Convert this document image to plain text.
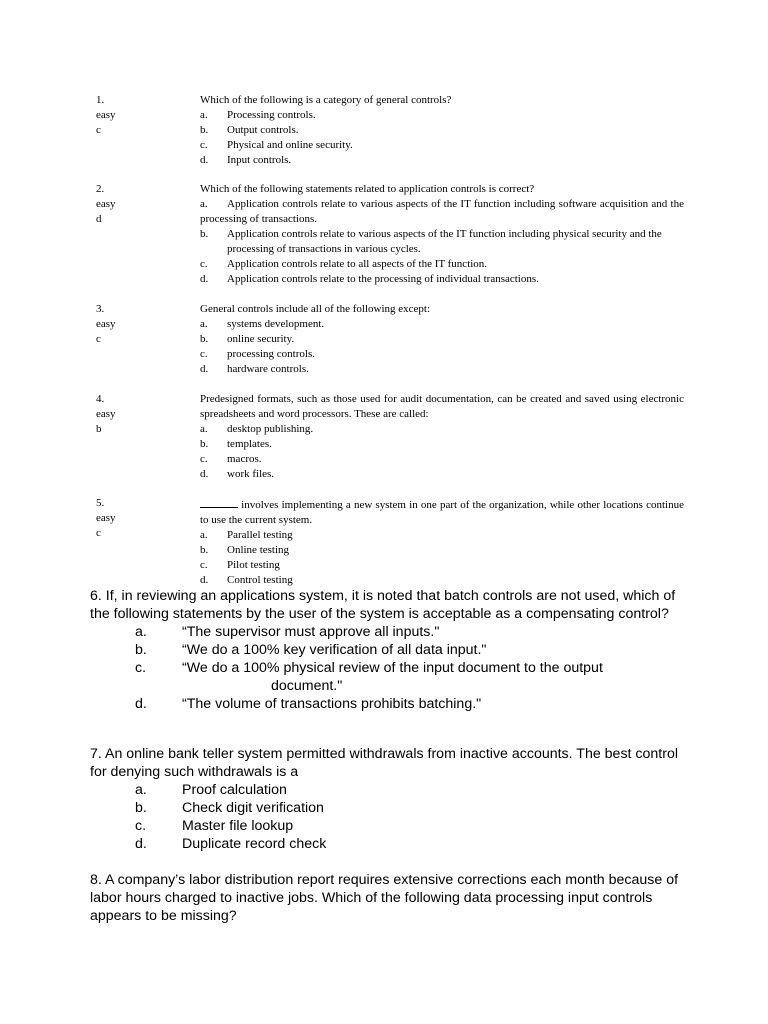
1.
easy
c
Which of the following is a category of general controls?
a.	Processing controls.
b.	Output controls.
c.	Physical and online security.
d.	Input controls.
2.
easy
d
Which of the following statements related to application controls is correct?
a. Application controls relate to various aspects of the IT function including software acquisition and the processing of transactions.
b.	Application controls relate to various aspects of the IT function including physical security and the processing of transactions in various cycles.
c.	Application controls relate to all aspects of the IT function.
d.	Application controls relate to the processing of individual transactions.
3.
easy
c
General controls include all of the following except:
a.	systems development.
b.	online security.
c.	processing controls.
d.	hardware controls.
4.
easy
b
Predesigned formats, such as those used for audit documentation, can be created and saved using electronic spreadsheets and word processors. These are called:
a.	desktop publishing.
b.	templates.
c.	macros.
d.	work files.
5.
easy
c
involves implementing a new system in one part of the organization, while other locations continue to use the current system.
a.	Parallel testing
b.	Online testing
c.	Pilot testing
d.	Control testing
6. If, in reviewing an applications system, it is noted that batch controls are not used, which of the following statements by the user of the system is acceptable as a compensating control?
a.	“The supervisor must approve all inputs."
b.	“We do a 100% key verification of all data input."
c.	“We do a 100% physical review of the input document to the output
document."
d.	“The volume of transactions prohibits batching."
7. An online bank teller system permitted withdrawals from inactive accounts. The best control for denying such withdrawals is a
a.	Proof calculation
b.	Check digit verification
c.	Master file lookup
d.	Duplicate record check
8. A company’s labor distribution report requires extensive corrections each month because of labor hours charged to inactive jobs. Which of the following data processing input controls appears to be missing?
